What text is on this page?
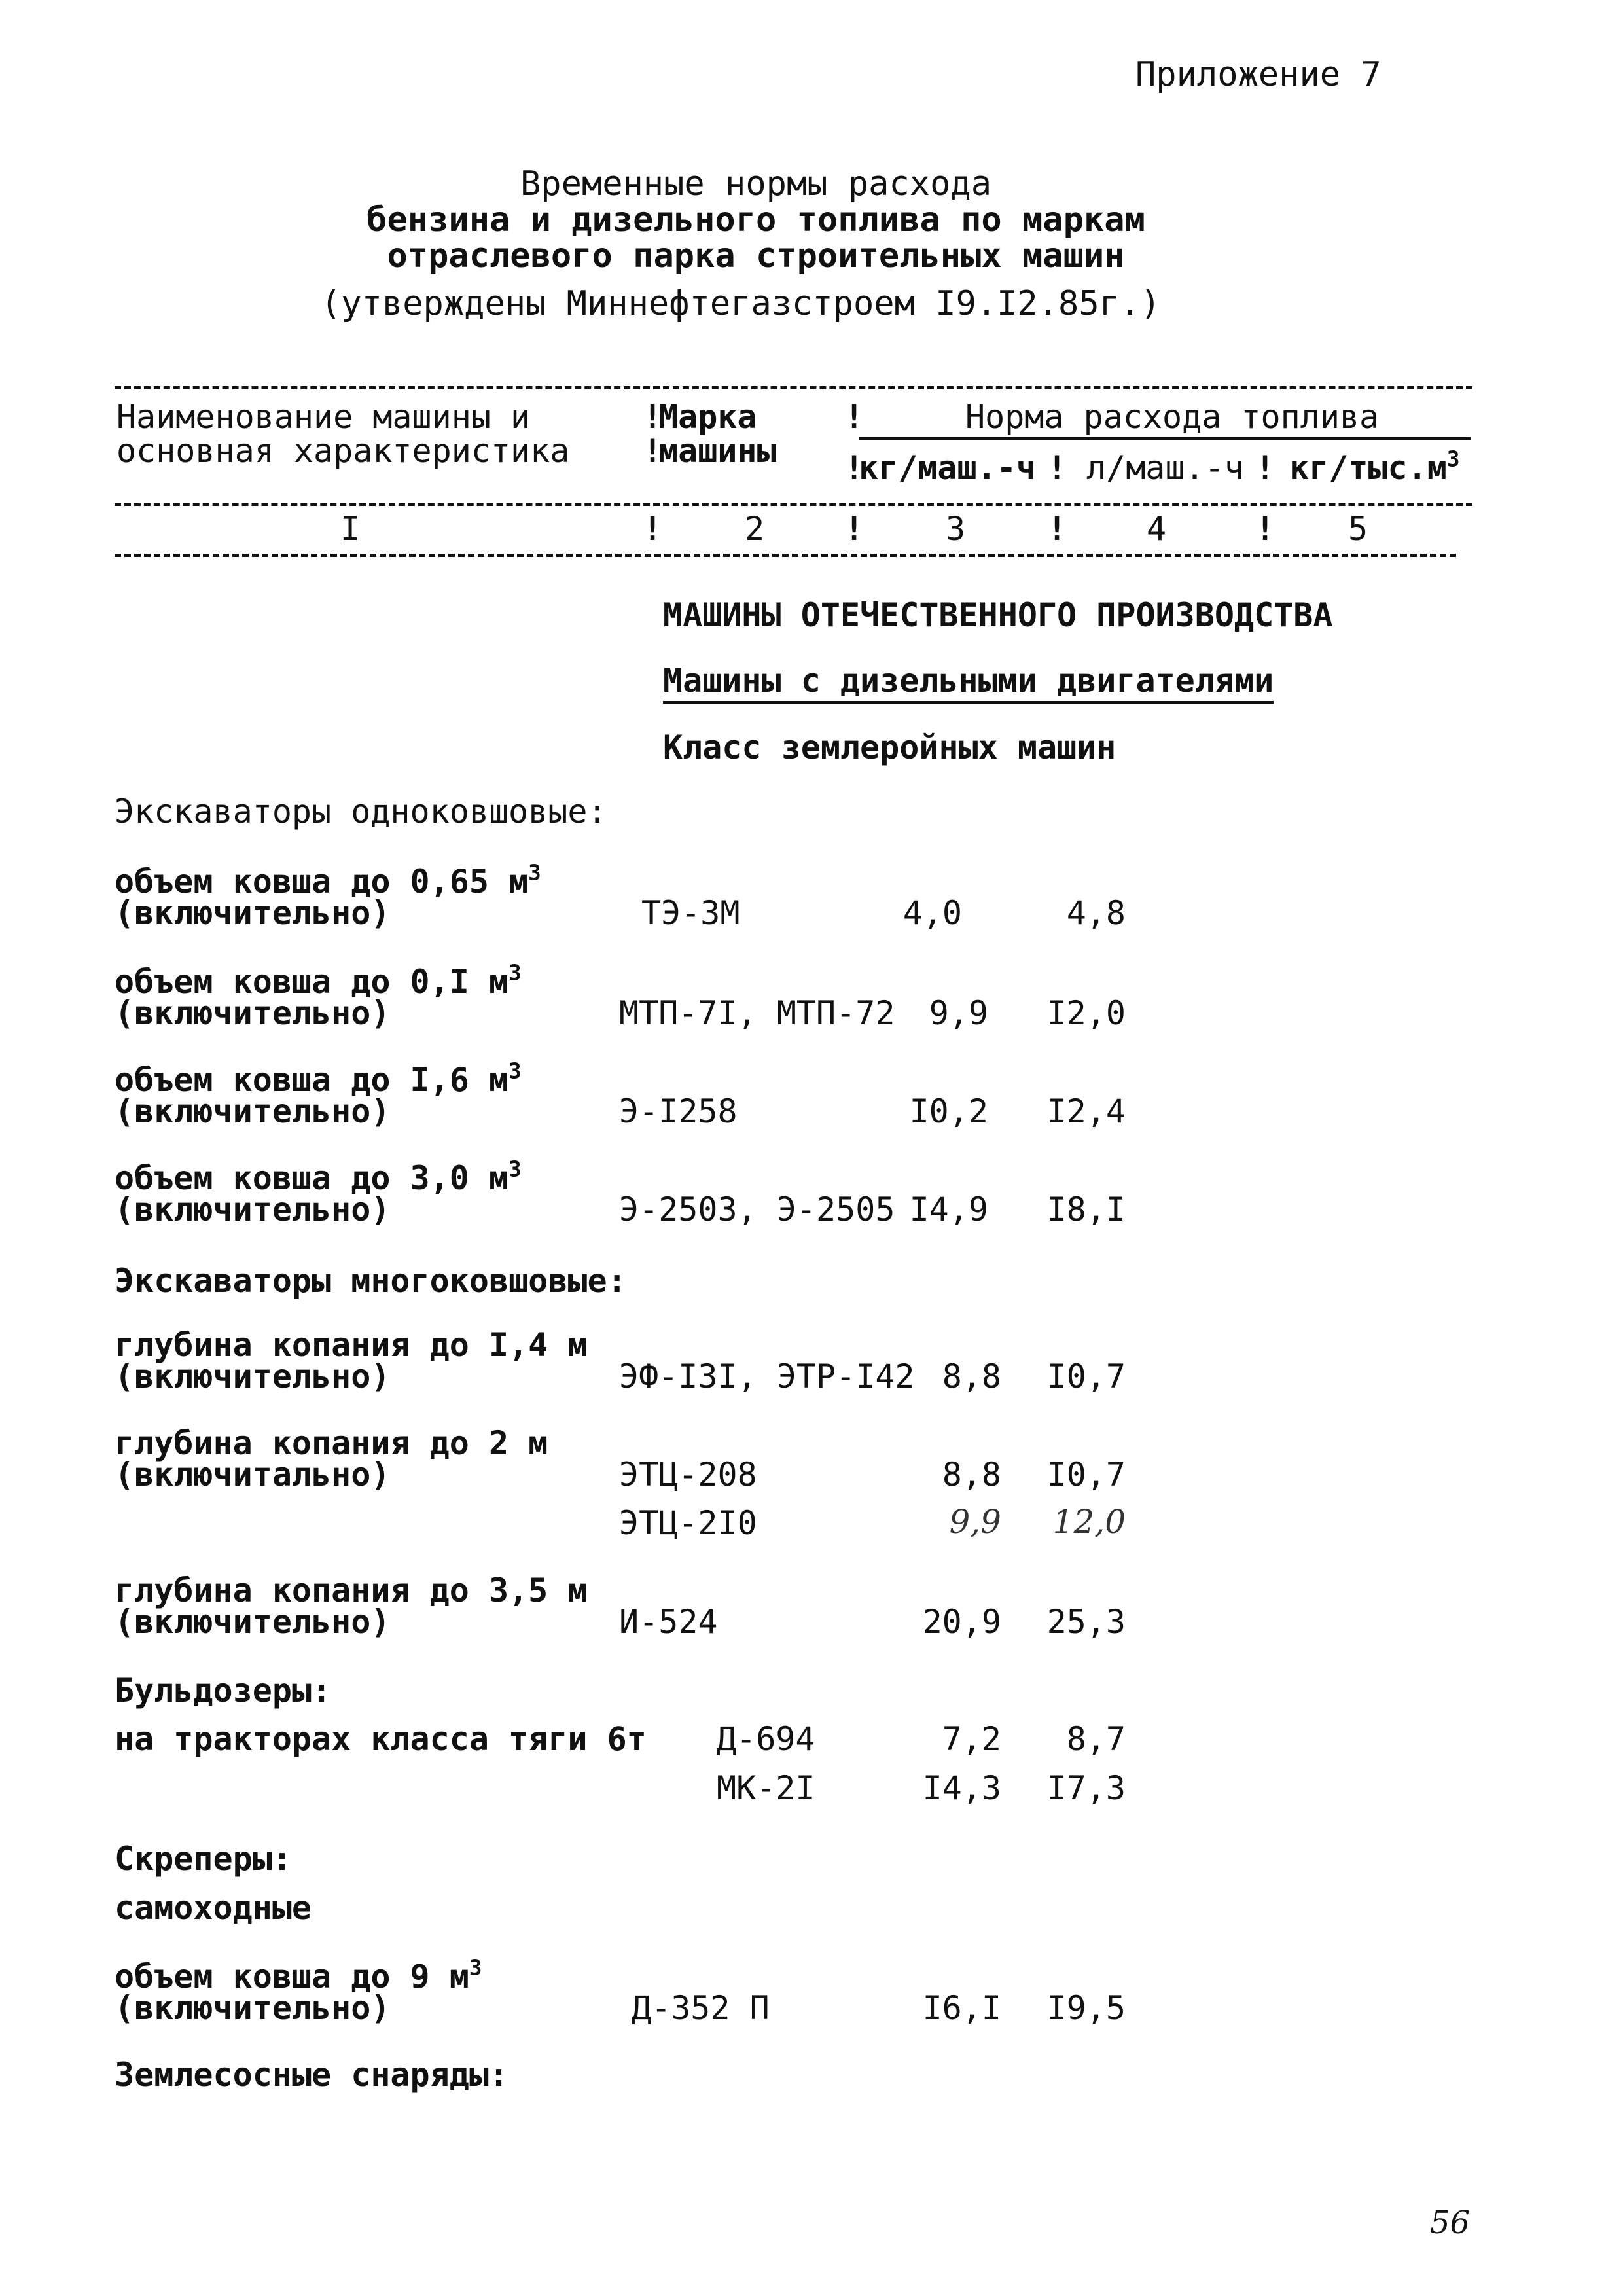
Приложение 7
Временные нормы расхода
бензина и дизельного топлива по маркам
отраслевого парка строительных машин
(утверждены Миннефтегазстроем I9.I2.85г.)
Наименование машины и
основная характеристика
!
!
Марка
машины
!	Норма расхода топлива
!
кг/маш.-ч ! л/маш.-ч ! $кг/тыс.м^3$
I	!	2 ! 3 ! 4	! 5
МАШИНЫ ОТЕЧЕСТВЕННОГО ПРОИЗВОДСТВА
Машины с дизельными двигателями
Класс землеройных машин
Экскаваторы одноковшовые:
объем ковша до 0,65 $м^3$
(включительно)	ТЭ-3М	4,0	4,8
объем ковша до 0,I $м^3$
(включительно)	МТП-7I, МТП-72	9,9	I2,0
объем ковша до I,6 $м^3$
(включительно)	Э-I258	I0,2	I2,4
объем ковша до 3,0 $м^3$
(включительно)	Э-2503, Э-2505 I4,9	I8,I
Экскаваторы многоковшовые:
глубина копания до I,4 м
(включительно)	ЭФ-I3I, ЭТР-I42 8,8	I0,7
глубина копания до 2 м
(включитально)	ЭТЦ-208	8,8	I0,7
ЭТЦ-2I0	9,9	12,0
глубина копания до 3,5 м
(включительно)	И-524	20,9	25,3
Бульдозеры:
на тракторах класса тяги 6т Д-694	7,2	8,7
МК-2I	I4,3	I7,3
Скреперы:
самоходные
объем ковша до 9 $м^3$
(включительно)	Д-352 П	I6,I	I9,5
Землесосные снаряды:
56
